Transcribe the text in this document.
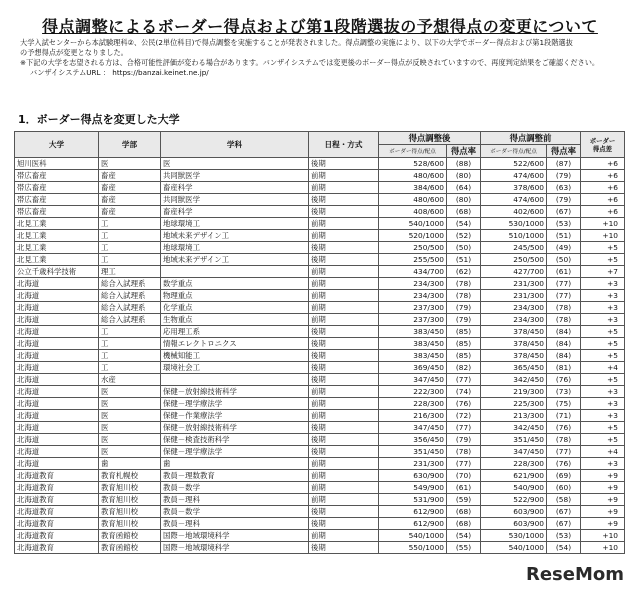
得点調整によるボーダー得点および第1段階選抜の予想得点の変更について
大学入試センターから本試験理科②、公民(2単位科目)で得点調整を実施することが発表されました。得点調整の実施により、以下の大学でボーダー得点および第1段階選抜
の予想得点が変更となりました。
※下記の大学を志望される方は、合格可能性評価が変わる場合があります。バンザイシステムでは変更後のボーダー得点が反映されていますので、再度判定結果をご確認ください。
バンザイシステムURL ： https://banzai.keinet.ne.jp/
1．ボーダー得点を変更した大学
大学	学部	学科	日程・方式	得点調整後		得点調整前		ボーダー
得点差
				ボーダー得点/配点	得点率	ボーダー得点/配点	得点率	
旭川医科	医	医	後期	528/600	(88)	522/600	(87)	+6
帯広畜産	畜産	共同獣医学	前期	480/600	(80)	474/600	(79)	+6
帯広畜産	畜産	畜産科学	前期	384/600	(64)	378/600	(63)	+6
帯広畜産	畜産	共同獣医学	後期	480/600	(80)	474/600	(79)	+6
帯広畜産	畜産	畜産科学	後期	408/600	(68)	402/600	(67)	+6
北見工業	工	地球環境工	前期	540/1000	(54)	530/1000	(53)	+10
北見工業	工	地域未来デザイン工	前期	520/1000	(52)	510/1000	(51)	+10
北見工業	工	地球環境工	後期	250/500	(50)	245/500	(49)	+5
北見工業	工	地域未来デザイン工	後期	255/500	(51)	250/500	(50)	+5
公立千歳科学技術	理工		前期	434/700	(62)	427/700	(61)	+7
北海道	総合入試理系	数学重点	前期	234/300	(78)	231/300	(77)	+3
北海道	総合入試理系	物理重点	前期	234/300	(78)	231/300	(77)	+3
北海道	総合入試理系	化学重点	前期	237/300	(79)	234/300	(78)	+3
北海道	総合入試理系	生物重点	前期	237/300	(79)	234/300	(78)	+3
北海道	工	応用理工系	後期	383/450	(85)	378/450	(84)	+5
北海道	工	情報エレクトロニクス	後期	383/450	(85)	378/450	(84)	+5
北海道	工	機械知能工	後期	383/450	(85)	378/450	(84)	+5
北海道	工	環境社会工	後期	369/450	(82)	365/450	(81)	+4
北海道	水産		後期	347/450	(77)	342/450	(76)	+5
北海道	医	保健－放射線技術科学	前期	222/300	(74)	219/300	(73)	+3
北海道	医	保健－理学療法学	前期	228/300	(76)	225/300	(75)	+3
北海道	医	保健－作業療法学	前期	216/300	(72)	213/300	(71)	+3
北海道	医	保健－放射線技術科学	後期	347/450	(77)	342/450	(76)	+5
北海道	医	保健－検査技術科学	後期	356/450	(79)	351/450	(78)	+5
北海道	医	保健－理学療法学	後期	351/450	(78)	347/450	(77)	+4
北海道	歯	歯	前期	231/300	(77)	228/300	(76)	+3
北海道教育	教育札幌校	教員－理数教育	前期	630/900	(70)	621/900	(69)	+9
北海道教育	教育旭川校	教員－数学	前期	549/900	(61)	540/900	(60)	+9
北海道教育	教育旭川校	教員－理科	前期	531/900	(59)	522/900	(58)	+9
北海道教育	教育旭川校	教員－数学	後期	612/900	(68)	603/900	(67)	+9
北海道教育	教育旭川校	教員－理科	後期	612/900	(68)	603/900	(67)	+9
北海道教育	教育函館校	国際－地域環境科学	前期	540/1000	(54)	530/1000	(53)	+10
北海道教育	教育函館校	国際－地域環境科学	後期	550/1000	(55)	540/1000	(54)	+10
ReseMom
